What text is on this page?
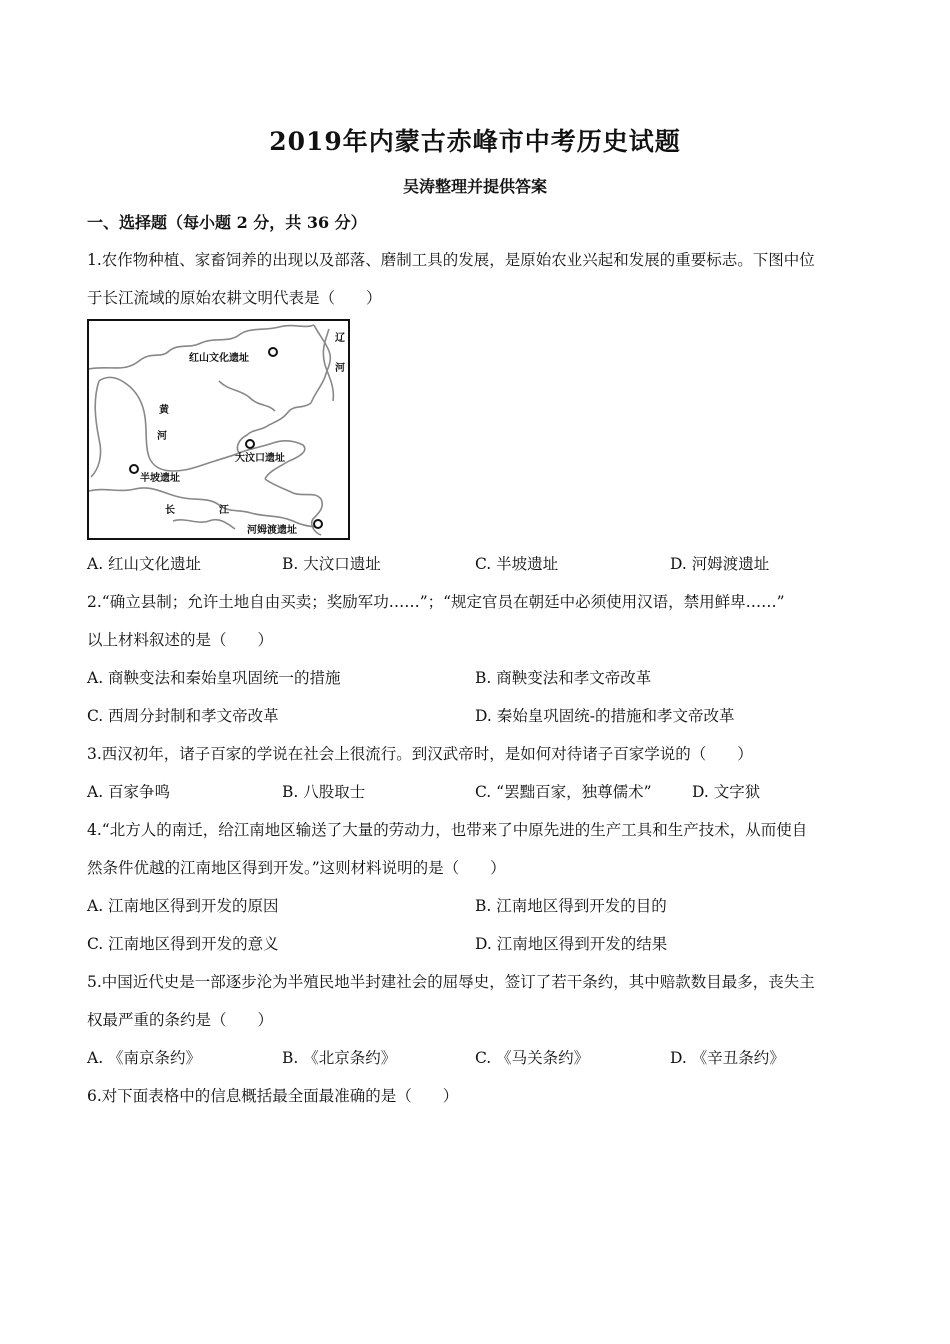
2019年内蒙古赤峰市中考历史试题
吴涛整理并提供答案
一、选择题（每小题 2 分，共 36 分）
1.农作物种植、家畜饲养的出现以及部落、磨制工具的发展，是原始农业兴起和发展的重要标志。下图中位
于长江流域的原始农耕文明代表是（　　）
红山文化遗址
大汶口遗址
半坡遗址
河姆渡遗址
黄
河
辽
河
长	江
A. 红山文化遗址	B. 大汶口遗址	C. 半坡遗址	D. 河姆渡遗址
2.“确立县制；允许土地自由买卖；奖励军功……”；“规定官员在朝廷中必须使用汉语，禁用鲜卑……”
以上材料叙述的是（　　）
A. 商鞅变法和秦始皇巩固统一的措施	B. 商鞅变法和孝文帝改革
C. 西周分封制和孝文帝改革	D. 秦始皇巩固统-的措施和孝文帝改革
3.西汉初年，诸子百家的学说在社会上很流行。到汉武帝时，是如何对待诸子百家学说的（　　）
A. 百家争鸣	B. 八股取士	C. “罢黜百家，独尊儒术”	D. 文字狱
4.“北方人的南迁，给江南地区输送了大量的劳动力，也带来了中原先进的生产工具和生产技术，从而使自
然条件优越的江南地区得到开发。”这则材料说明的是（　　）
A. 江南地区得到开发的原因	B. 江南地区得到开发的目的
C. 江南地区得到开发的意义	D. 江南地区得到开发的结果
5.中国近代史是一部逐步沦为半殖民地半封建社会的屈辱史，签订了若干条约，其中赔款数目最多，丧失主
权最严重的条约是（　　）
A. 《南京条约》	B. 《北京条约》	C. 《马关条约》	D. 《辛丑条约》
6.对下面表格中的信息概括最全面最准确的是（　　）
